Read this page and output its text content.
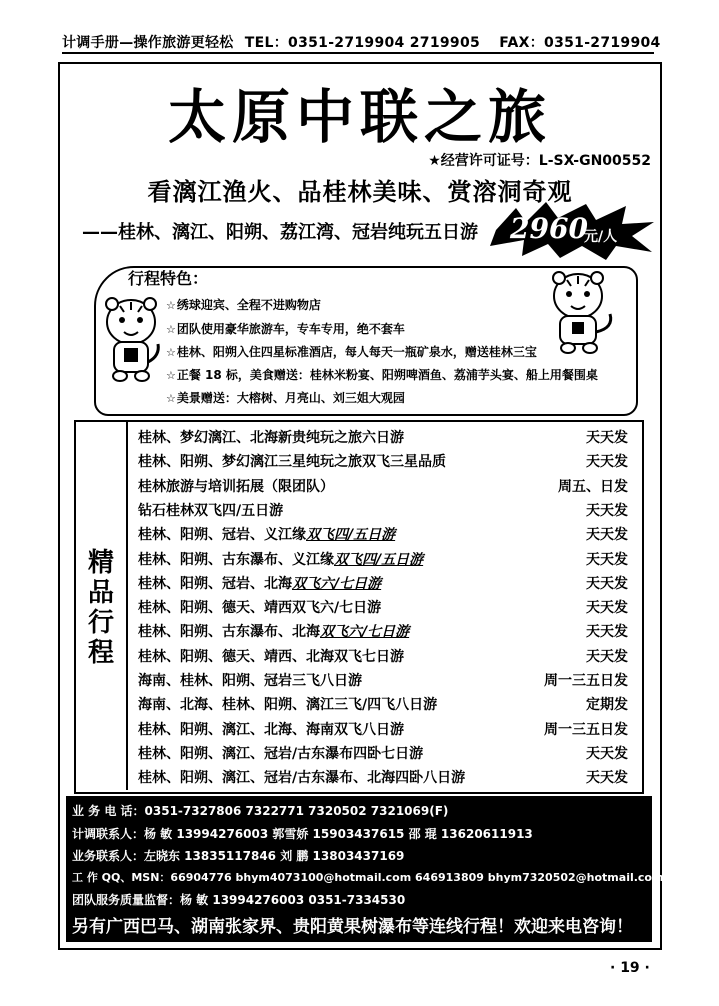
计调手册—操作旅游更轻松 TEL：0351-2719904 2719905 FAX：0351-2719904
太原中联之旅
★经营许可证号：L-SX-GN00552
看漓江渔火、品桂林美味、赏溶洞奇观
——桂林、漓江、阳朔、荔江湾、冠岩纯玩五日游 2960
元/人
行程特色：
☆绣球迎宾、全程不进购物店
☆团队使用豪华旅游车，专车专用，绝不套车
☆桂林、阳朔入住四星标准酒店，每人每天一瓶矿泉水，赠送桂林三宝
☆正餐 18 标，美食赠送：桂林米粉宴、阳朔啤酒鱼、荔浦芋头宴、船上用餐围桌
☆美景赠送：大榕树、月亮山、刘三姐大观园
精品行程
桂林、梦幻漓江、北海新贵纯玩之旅六日游	天天发
桂林、阳朔、梦幻漓江三星纯玩之旅双飞三星品质	天天发
桂林旅游与培训拓展（限团队）	周五、日发
钻石桂林双飞四/五日游	天天发
桂林、阳朔、冠岩、义江缘双飞四/五日游	天天发
桂林、阳朔、古东瀑布、义江缘双飞四/五日游	天天发
桂林、阳朔、冠岩、北海双飞六/七日游	天天发
桂林、阳朔、德天、靖西双飞六/七日游	天天发
桂林、阳朔、古东瀑布、北海双飞六/七日游	天天发
桂林、阳朔、德天、靖西、北海双飞七日游	天天发
海南、桂林、阳朔、冠岩三飞八日游	周一三五日发
海南、北海、桂林、阳朔、漓江三飞/四飞八日游	定期发
桂林、阳朔、漓江、北海、海南双飞八日游	周一三五日发
桂林、阳朔、漓江、冠岩/古东瀑布四卧七日游	天天发
桂林、阳朔、漓江、冠岩/古东瀑布、北海四卧八日游	天天发
业 务 电 话：0351-7327806 7322771 7320502 7321069(F)
计调联系人：杨 敏 13994276003 郭雪娇 15903437615 邵 琨 13620611913
业务联系人：左晓东 13835117846 刘 鹏 13803437169
工 作 QQ、MSN：66904776 bhym4073100@hotmail.com 646913809 bhym7320502@hotmail.com
团队服务质量监督：杨 敏 13994276003 0351-7334530
另有广西巴马、湖南张家界、贵阳黄果树瀑布等连线行程！欢迎来电咨询！
· 19 ·
